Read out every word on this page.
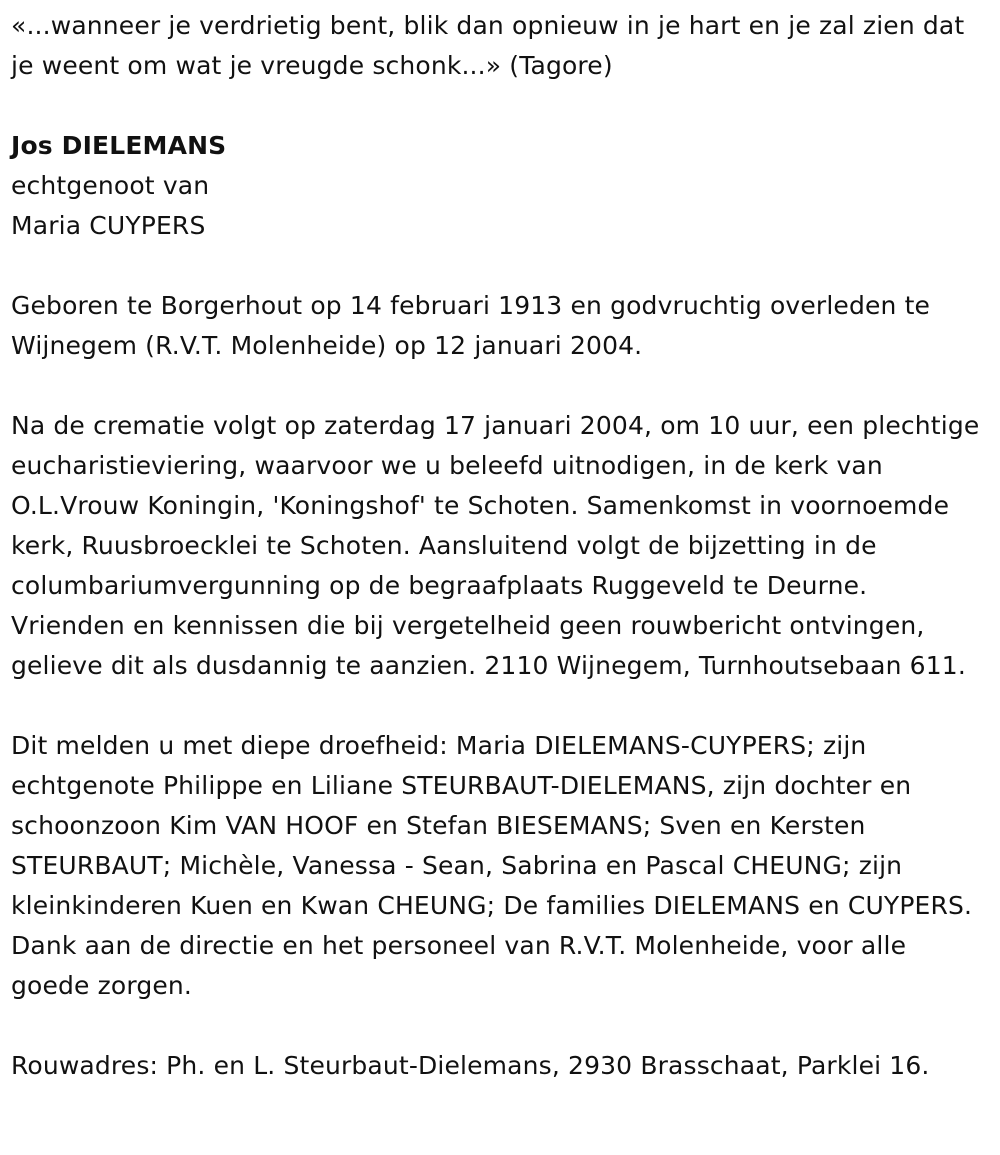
«...wanneer je verdrietig bent, blik dan opnieuw in je hart en je zal zien dat je weent om wat je vreugde schonk...» (Tagore)

Jos DIELEMANS

echtgenoot van

Maria CUYPERS

Geboren te Borgerhout op 14 februari 1913 en godvruchtig overleden te Wijnegem (R.V.T. Molenheide) op 12 januari 2004.

Na de crematie volgt op zaterdag 17 januari 2004, om 10 uur, een plechtige eucharistieviering, waarvoor we u beleefd uitnodigen, in de kerk van O.L.Vrouw Koningin, 'Koningshof' te Schoten. Samenkomst in voornoemde kerk, Ruusbroecklei te Schoten. Aansluitend volgt de bijzetting in de columbariumvergunning op de begraafplaats Ruggeveld te Deurne. Vrienden en kennissen die bij vergetelheid geen rouwbericht ontvingen, gelieve dit als dusdannig te aanzien. 2110 Wijnegem, Turnhoutsebaan 611.

Dit melden u met diepe droefheid: Maria DIELEMANS-CUYPERS; zijn echtgenote Philippe en Liliane STEURBAUT-DIELEMANS, zijn dochter en schoonzoon Kim VAN HOOF en Stefan BIESEMANS; Sven en Kersten STEURBAUT; Michèle, Vanessa - Sean, Sabrina en Pascal CHEUNG; zijn kleinkinderen Kuen en Kwan CHEUNG; De families DIELEMANS en CUYPERS. Dank aan de directie en het personeel van R.V.T. Molenheide, voor alle goede zorgen.

Rouwadres: Ph. en L. Steurbaut-Dielemans, 2930 Brasschaat, Parklei 16.
